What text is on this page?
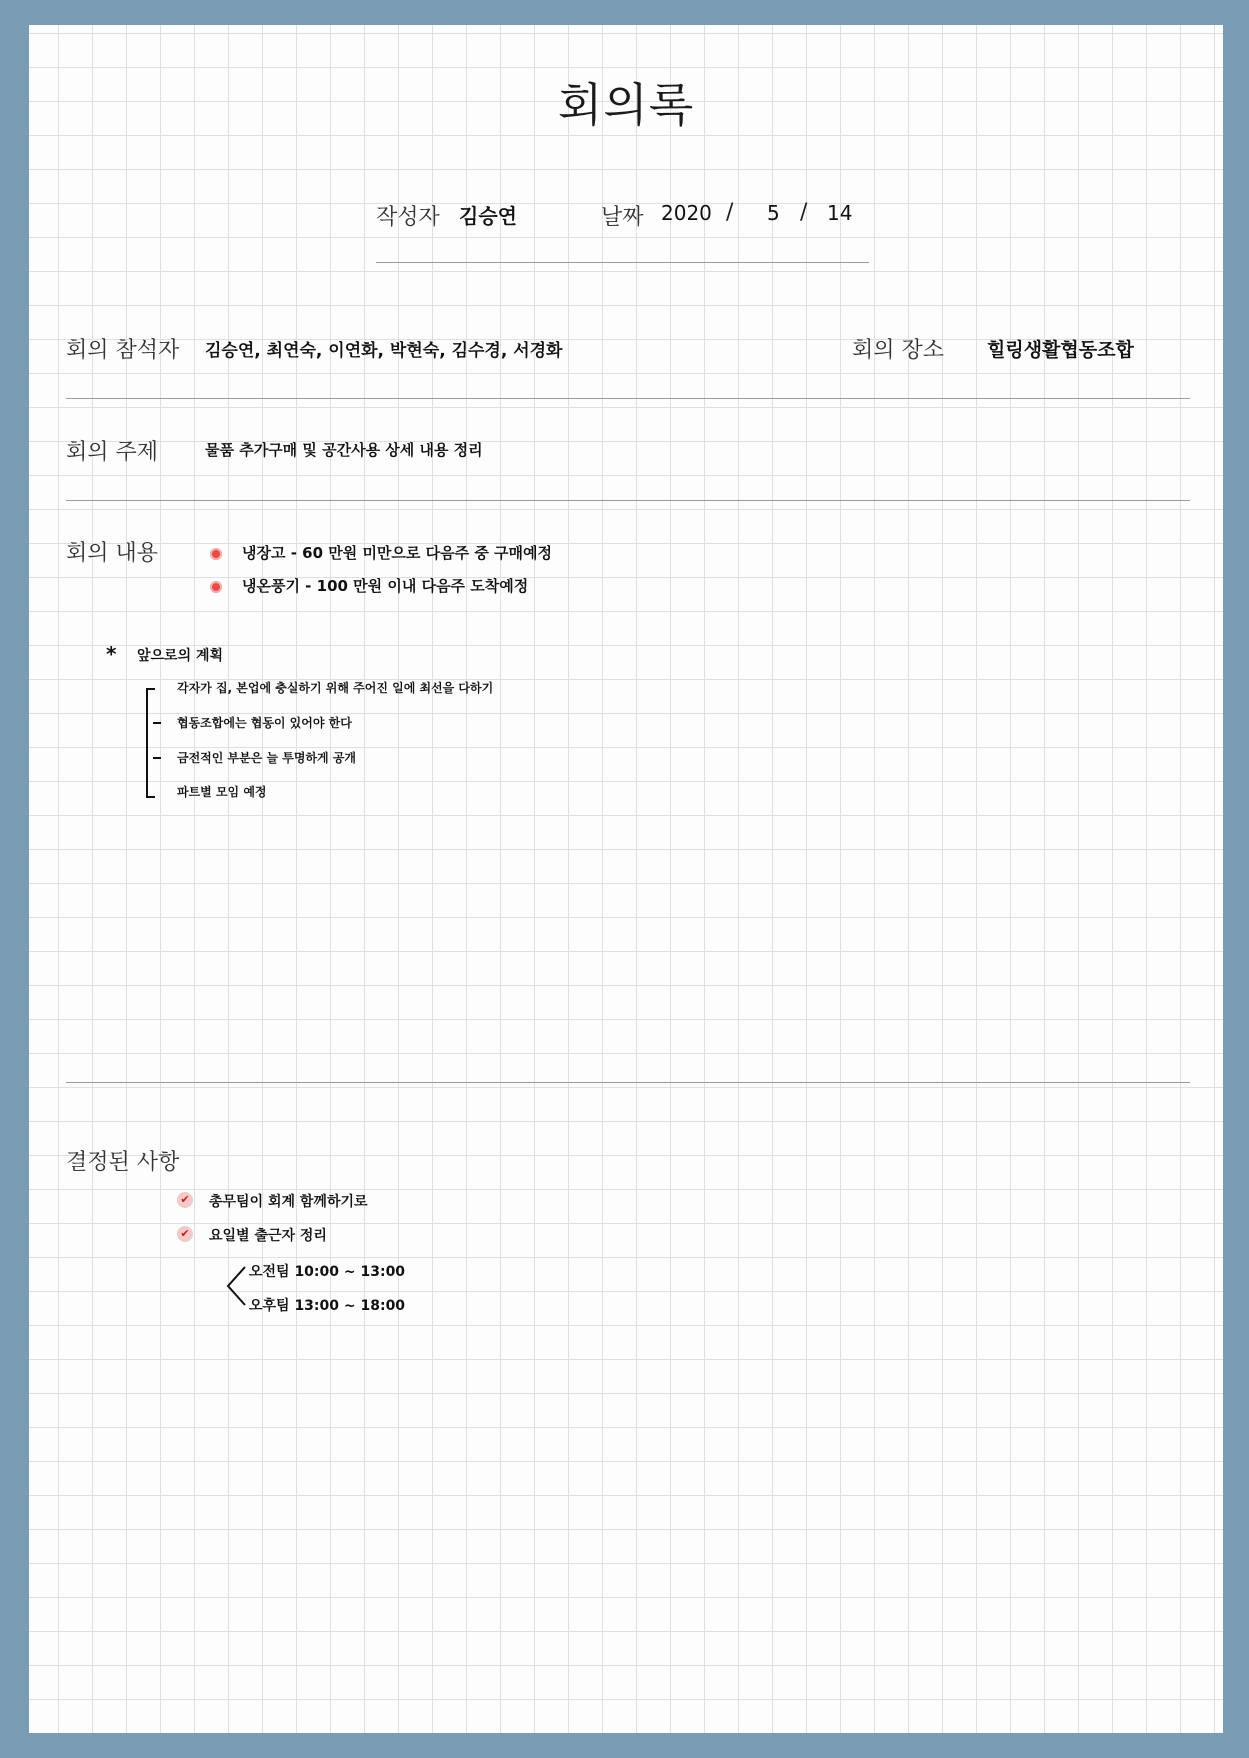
회의록
작성자 김승연	날짜 2020 / 5 / 14
회의 참석자 김승연, 최연숙, 이연화, 박현숙, 김수경, 서경화	회의 장소 힐링생활협동조합
회의 주제	물품 추가구매 및 공간사용 상세 내용 정리
회의 내용	냉장고 - 60 만원 미만으로 다음주 중 구매예정
냉온풍기 - 100 만원 이내 다음주 도착예정
* 앞으로의 계획
각자가 집, 본업에 충실하기 위해 주어진 일에 최선을 다하기
협동조합에는 협동이 있어야 한다
금전적인 부분은 늘 투명하게 공개
파트별 모임 예정
결정된 사항
✔ 총무팀이 회계 함께하기로
✔ 요일별 출근자 정리
오전팀 10:00 ~ 13:00
오후팀 13:00 ~ 18:00
